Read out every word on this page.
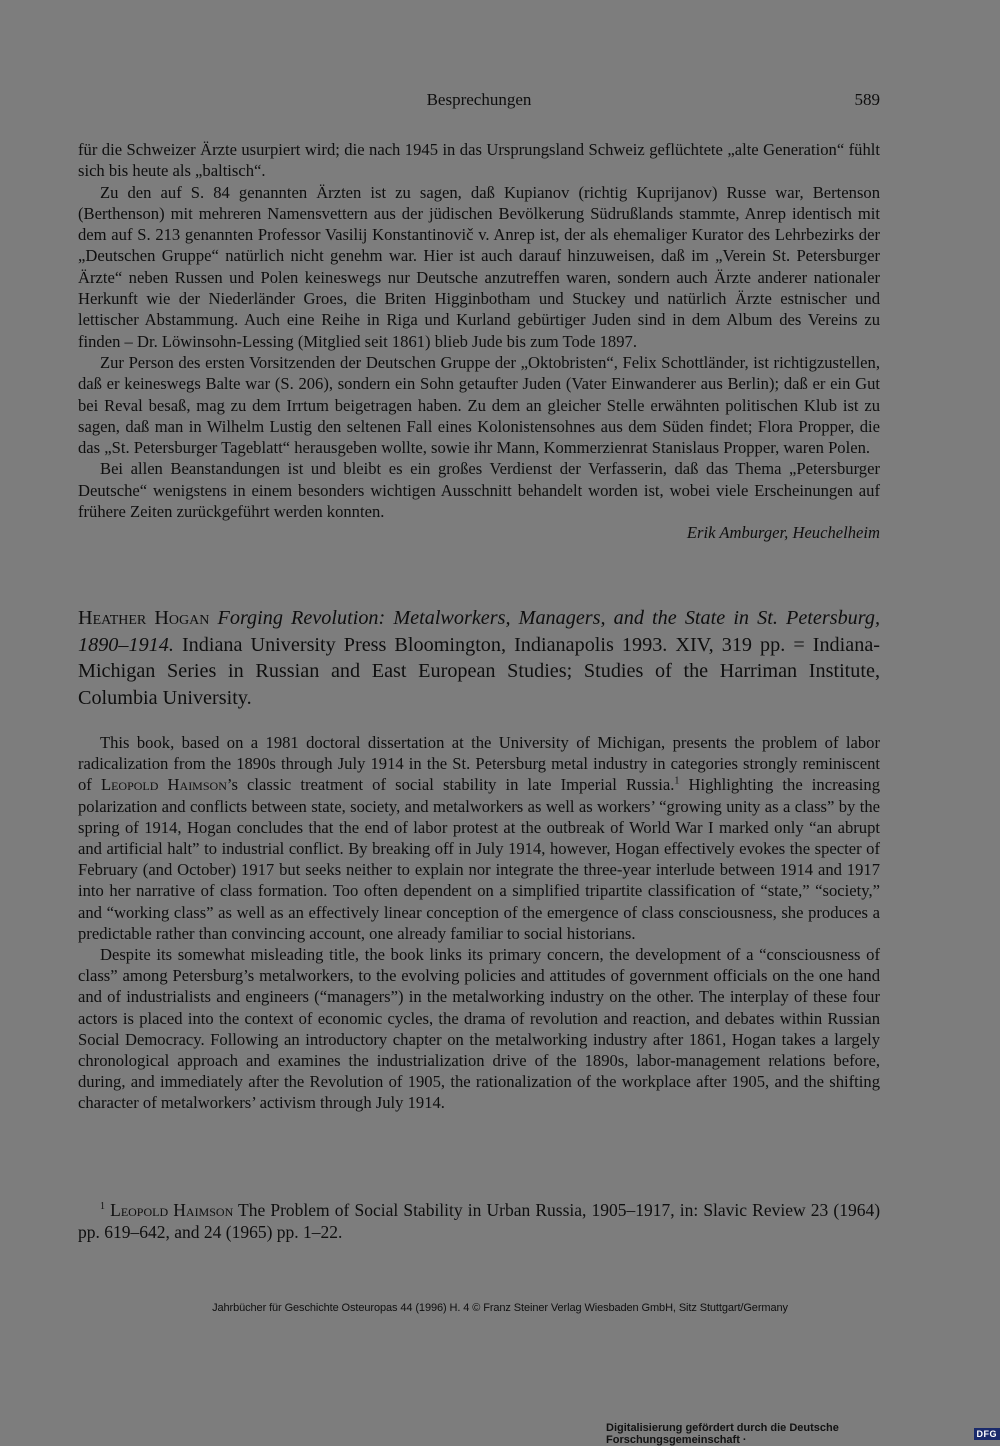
Besprechungen	589

für die Schweizer Ärzte usurpiert wird; die nach 1945 in das Ursprungsland Schweiz geflüchtete „alte Generation“ fühlt sich bis heute als „baltisch“.

Zu den auf S. 84 genannten Ärzten ist zu sagen, daß Kupianov (richtig Kuprijanov) Russe war, Bertenson (Berthenson) mit mehreren Namensvettern aus der jüdischen Bevölkerung Südrußlands stammte, Anrep identisch mit dem auf S. 213 genannten Professor Vasilij Konstantinovič v. Anrep ist, der als ehemaliger Kurator des Lehrbezirks der „Deutschen Gruppe“ natürlich nicht genehm war. Hier ist auch darauf hinzuweisen, daß im „Verein St. Petersburger Ärzte“ neben Russen und Polen keineswegs nur Deutsche anzutreffen waren, sondern auch Ärzte anderer nationaler Herkunft wie der Niederländer Groes, die Briten Higginbotham und Stuckey und natürlich Ärzte estnischer und lettischer Abstammung. Auch eine Reihe in Riga und Kurland gebürtiger Juden sind in dem Album des Vereins zu finden – Dr. Löwinsohn-Lessing (Mitglied seit 1861) blieb Jude bis zum Tode 1897.

Zur Person des ersten Vorsitzenden der Deutschen Gruppe der „Oktobristen“, Felix Schottländer, ist richtigzustellen, daß er keineswegs Balte war (S. 206), sondern ein Sohn getaufter Juden (Vater Einwanderer aus Berlin); daß er ein Gut bei Reval besaß, mag zu dem Irrtum beigetragen haben. Zu dem an gleicher Stelle erwähnten politischen Klub ist zu sagen, daß man in Wilhelm Lustig den seltenen Fall eines Kolonistensohnes aus dem Süden findet; Flora Propper, die das „St. Petersburger Tageblatt“ herausgeben wollte, sowie ihr Mann, Kommerzienrat Stanislaus Propper, waren Polen.

Bei allen Beanstandungen ist und bleibt es ein großes Verdienst der Verfasserin, daß das Thema „Petersburger Deutsche“ wenigstens in einem besonders wichtigen Ausschnitt behandelt worden ist, wobei viele Erscheinungen auf frühere Zeiten zurückgeführt werden konnten.

Erik Amburger, Heuchelheim

Heather Hogan Forging Revolution: Metalworkers, Managers, and the State in St. Petersburg, 1890–1914. Indiana University Press Bloomington, Indianapolis 1993. XIV, 319 pp. = Indiana-Michigan Series in Russian and East European Studies; Studies of the Harriman Institute, Columbia University.

This book, based on a 1981 doctoral dissertation at the University of Michigan, presents the problem of labor radicalization from the 1890s through July 1914 in the St. Petersburg metal industry in categories strongly reminiscent of Leopold Haimson’s classic treatment of social stability in late Imperial Russia.$^1$ Highlighting the increasing polarization and conflicts between state, society, and metalworkers as well as workers’ “growing unity as a class” by the spring of 1914, Hogan concludes that the end of labor protest at the outbreak of World War I marked only “an abrupt and artificial halt” to industrial conflict. By breaking off in July 1914, however, Hogan effectively evokes the specter of February (and October) 1917 but seeks neither to explain nor integrate the three-year interlude between 1914 and 1917 into her narrative of class formation. Too often dependent on a simplified tripartite classification of “state,” “society,” and “working class” as well as an effectively linear conception of the emergence of class consciousness, she produces a predictable rather than convincing account, one already familiar to social historians.

Despite its somewhat misleading title, the book links its primary concern, the development of a “consciousness of class” among Petersburg’s metalworkers, to the evolving policies and attitudes of government officials on the one hand and of industrialists and engineers (“managers”) in the metalworking industry on the other. The interplay of these four actors is placed into the context of economic cycles, the drama of revolution and reaction, and debates within Russian Social Democracy. Following an introductory chapter on the metalworking industry after 1861, Hogan takes a largely chronological approach and examines the industrialization drive of the 1890s, labor-management relations before, during, and immediately after the Revolution of 1905, the rationalization of the workplace after 1905, and the shifting character of metalworkers’ activism through July 1914.

$^1$ Leopold Haimson The Problem of Social Stability in Urban Russia, 1905–1917, in: Slavic Review 23 (1964) pp. 619–642, and 24 (1965) pp. 1–22.
Jahrbücher für Geschichte Osteuropas 44 (1996) H. 4 © Franz Steiner Verlag Wiesbaden GmbH, Sitz Stuttgart/Germany
Digitalisierung gefördert durch die Deutsche Forschungsgemeinschaft ·	DFG
